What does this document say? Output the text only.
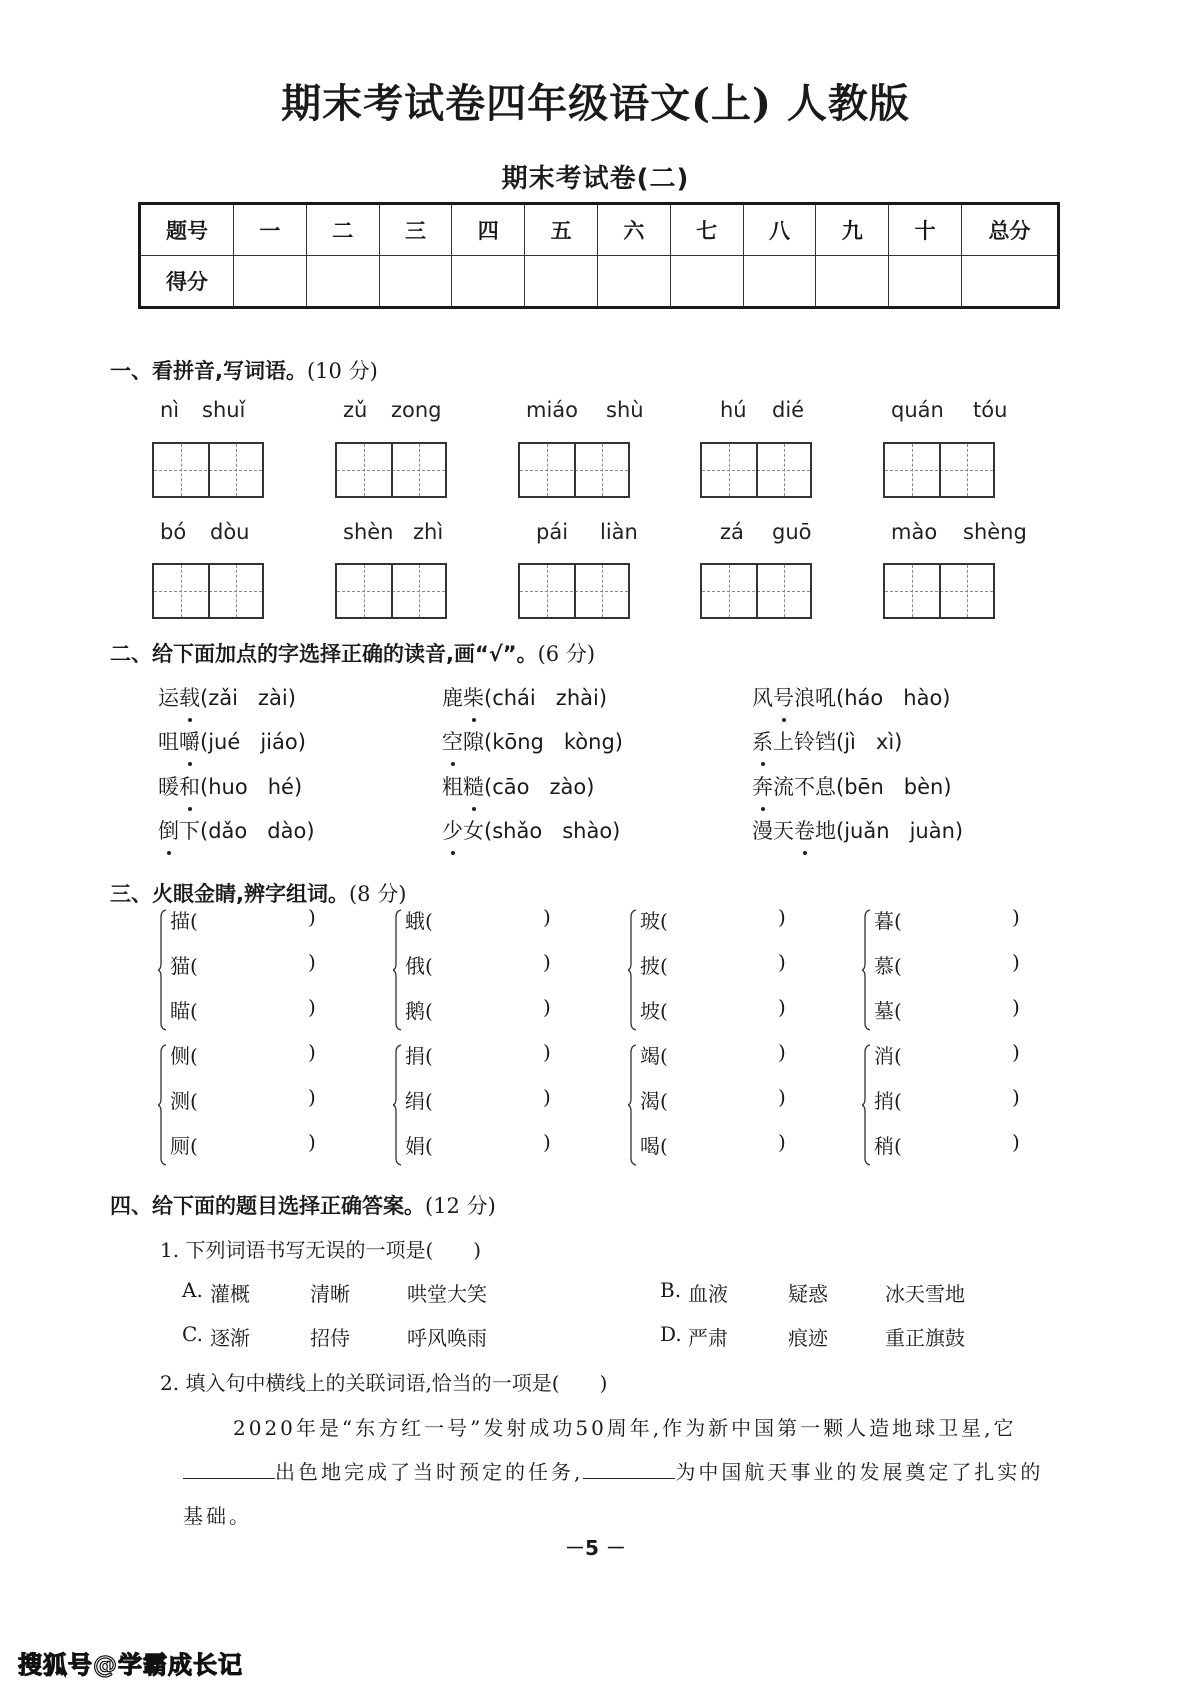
期末考试卷四年级语文(上) 人教版
期末考试卷(二)
题号	一	二	三	四	五	六	七	八	九	十	总分
得分											
一、看拼音,写词语。(10 分)
nì shuǐ	zǔ zong	miáo shù	hú dié	quán tóu
bó dòu	shèn zhì	pái liàn	zá guō	mào shèng
二、给下面加点的字选择正确的读音,画“√”。(6 分)
运载(zǎi zài)	鹿柴(chái zhài)	风号浪吼(háo hào)
咀嚼(jué jiáo)	空隙(kōng kòng)	系上铃铛(jì xì)
暖和(huo hé)	粗糙(cāo zào)	奔流不息(bēn bèn)
倒下(dǎo dào)	少女(shǎo shào)	漫天卷地(juǎn juàn)
三、火眼金睛,辨字组词。(8 分)
描(	)
猫(	)
瞄(	)
蛾(	)
俄(	)
鹅(	)
玻(	)
披(	)
坡(	)
暮(	)
慕(	)
墓(	)
侧(	)
测(	)
厕(	)
捐(	)
绢(	)
娟(	)
竭(	)
渴(	)
喝(	)
消(	)
捎(	)
稍(	)
四、给下面的题目选择正确答案。(12 分)
1. 下列词语书写无误的一项是(　　)
A. 灌概	清晰	哄堂大笑	B. 血液	疑惑	冰天雪地
C. 逐渐	招侍	呼风唤雨	D. 严肃	痕迹	重正旗鼓
2. 填入句中横线上的关联词语,恰当的一项是(　　)
2020年是“东方红一号”发射成功50周年,作为新中国第一颗人造地球卫星,它
出色地完成了当时预定的任务,	为中国航天事业的发展奠定了扎实的
基础。
－5 －
搜狐号@学霸成长记
